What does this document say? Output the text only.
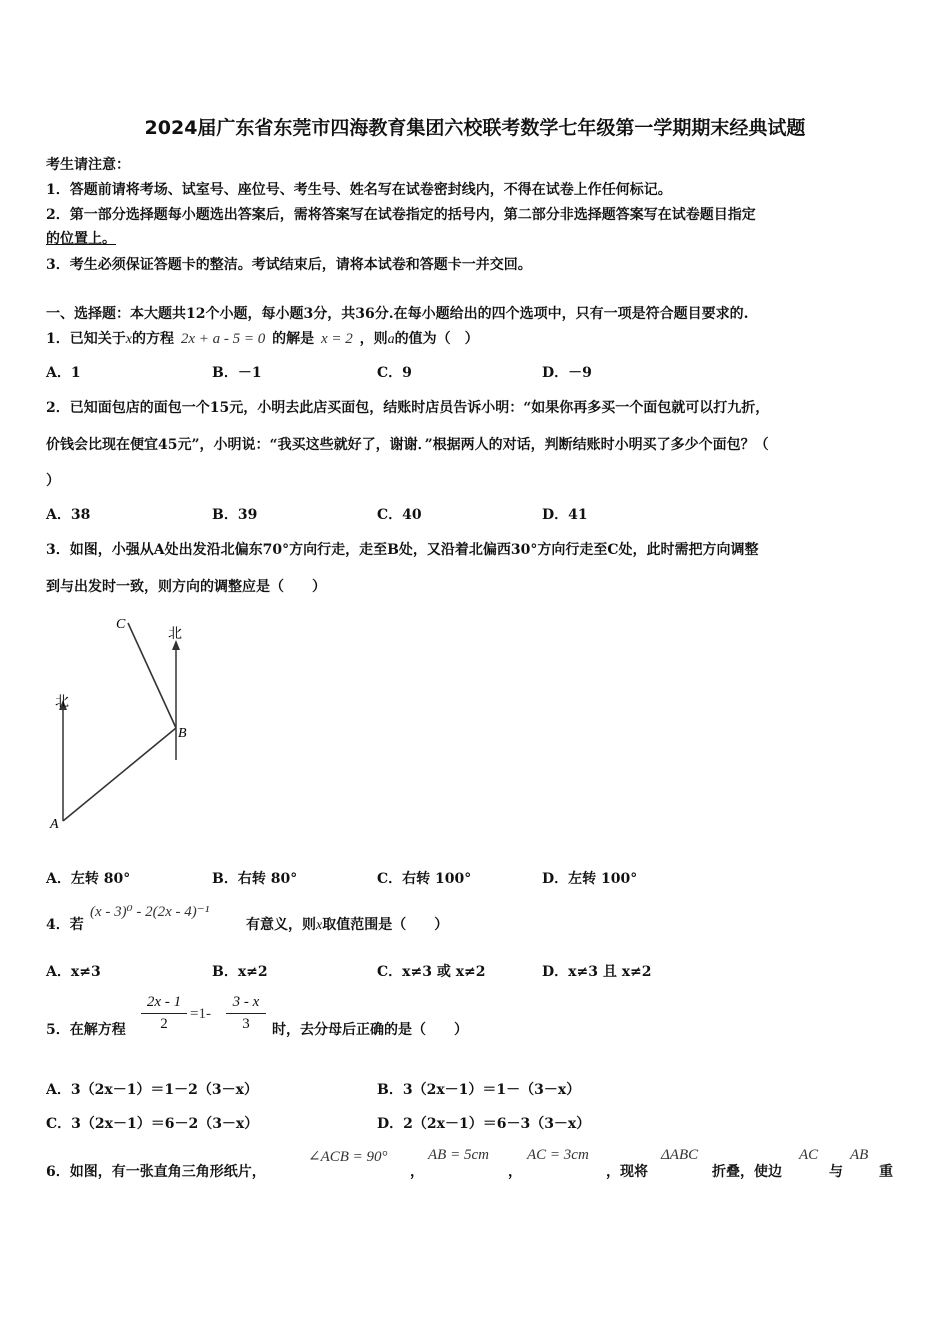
2024届广东省东莞市四海教育集团六校联考数学七年级第一学期期末经典试题
考生请注意：
1．答题前请将考场、试室号、座位号、考生号、姓名写在试卷密封线内，不得在试卷上作任何标记。
2．第一部分选择题每小题选出答案后，需将答案写在试卷指定的括号内，第二部分非选择题答案写在试卷题目指定
的位置上。
3．考生必须保证答题卡的整洁。考试结束后，请将本试卷和答题卡一并交回。
一、选择题：本大题共12个小题，每小题3分，共36分.在每小题给出的四个选项中，只有一项是符合题目要求的.
1．已知关于x的方程 2x + a - 5 = 0 的解是 x = 2 ，则a的值为（　）
A．1	B．－1	C．9	D．－9
2．已知面包店的面包一个15元，小明去此店买面包，结账时店员告诉小明：“如果你再多买一个面包就可以打九折，
价钱会比现在便宜45元”，小明说：“我买这些就好了，谢谢．”根据两人的对话，判断结账时小明买了多少个面包？（
）
A．38	B．39	C．40	D．41
3．如图，小强从A处出发沿北偏东70°方向行走，走至B处，又沿着北偏西30°方向行走至C处，此时需把方向调整
到与出发时一致，则方向的调整应是（　　）
C
B
A
北
北
A．左转 80°	B．右转 80°	C．右转 100°	D．左转 100°
4．若
(x - 3)⁰ - 2(2x - 4)⁻¹
有意义，则x取值范围是（　　）
A．x≠3	B．x≠2	C．x≠3 或 x≠2	D．x≠3 且 x≠2
5．在解方程
2x - 1
2
=1-
3 - x
3	时，去分母后正确的是（　　）
A．3（2x－1）＝1－2（3－x）	B．3（2x－1）＝1－（3－x）
C．3（2x－1）＝6－2（3－x）	D．2（2x－1）＝6－3（3－x）
6．如图，有一张直角三角形纸片，
∠ACB = 90°
，
AB = 5cm
，
AC = 3cm
，现将
ΔABC
折叠，使边
AC
与
AB
重
